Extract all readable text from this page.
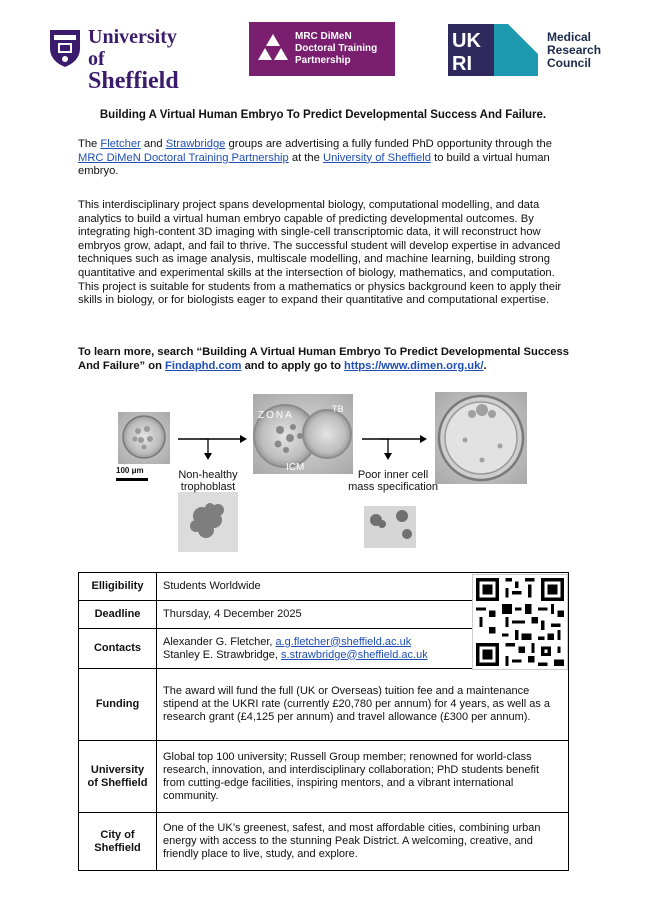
University of
Sheffield
MRC DiMeN
Doctoral Training
Partnership
UK
RI
Medical
Research
Council
Building A Virtual Human Embryo To Predict Developmental Success And Failure.

The Fletcher and Strawbridge groups are advertising a fully funded PhD opportunity through the MRC DiMeN Doctoral Training Partnership at the University of Sheffield to build a virtual human embryo.

This interdisciplinary project spans developmental biology, computational modelling, and data analytics to build a virtual human embryo capable of predicting developmental outcomes. By integrating high-content 3D imaging with single-cell transcriptomic data, it will reconstruct how embryos grow, adapt, and fail to thrive. The successful student will develop expertise in advanced techniques such as image analysis, multiscale modelling, and machine learning, building strong quantitative and experimental skills at the intersection of biology, mathematics, and computation. This project is suitable for students from a mathematics or physics background keen to apply their skills in biology, or for biologists eager to expand their quantitative and computational expertise.

To learn more, search “Building A Virtual Human Embryo To Predict Developmental Success And Failure” on Findaphd.com and to apply go to https://www.dimen.org.uk/.

ZONA
TB
ICM
100 μm	Non-healthy trophoblast
Poor inner cell mass specification
Elligibility	Students Worldwide
Deadline	Thursday, 4 December 2025
Contacts	Alexander G. Fletcher, a.g.fletcher@sheffield.ac.uk
Stanley E. Strawbridge, s.strawbridge@sheffield.ac.uk
Funding	The award will fund the full (UK or Overseas) tuition fee and a maintenance stipend at the UKRI rate (currently £20,780 per annum) for 4 years, as well as a research grant (£4,125 per annum) and travel allowance (£300 per annum).
University of Sheffield	Global top 100 university; Russell Group member; renowned for world-class research, innovation, and interdisciplinary collaboration; PhD students benefit from cutting-edge facilities, inspiring mentors, and a vibrant international community.
City of Sheffield	One of the UK’s greenest, safest, and most affordable cities, combining urban energy with access to the stunning Peak District. A welcoming, creative, and friendly place to live, study, and explore.
